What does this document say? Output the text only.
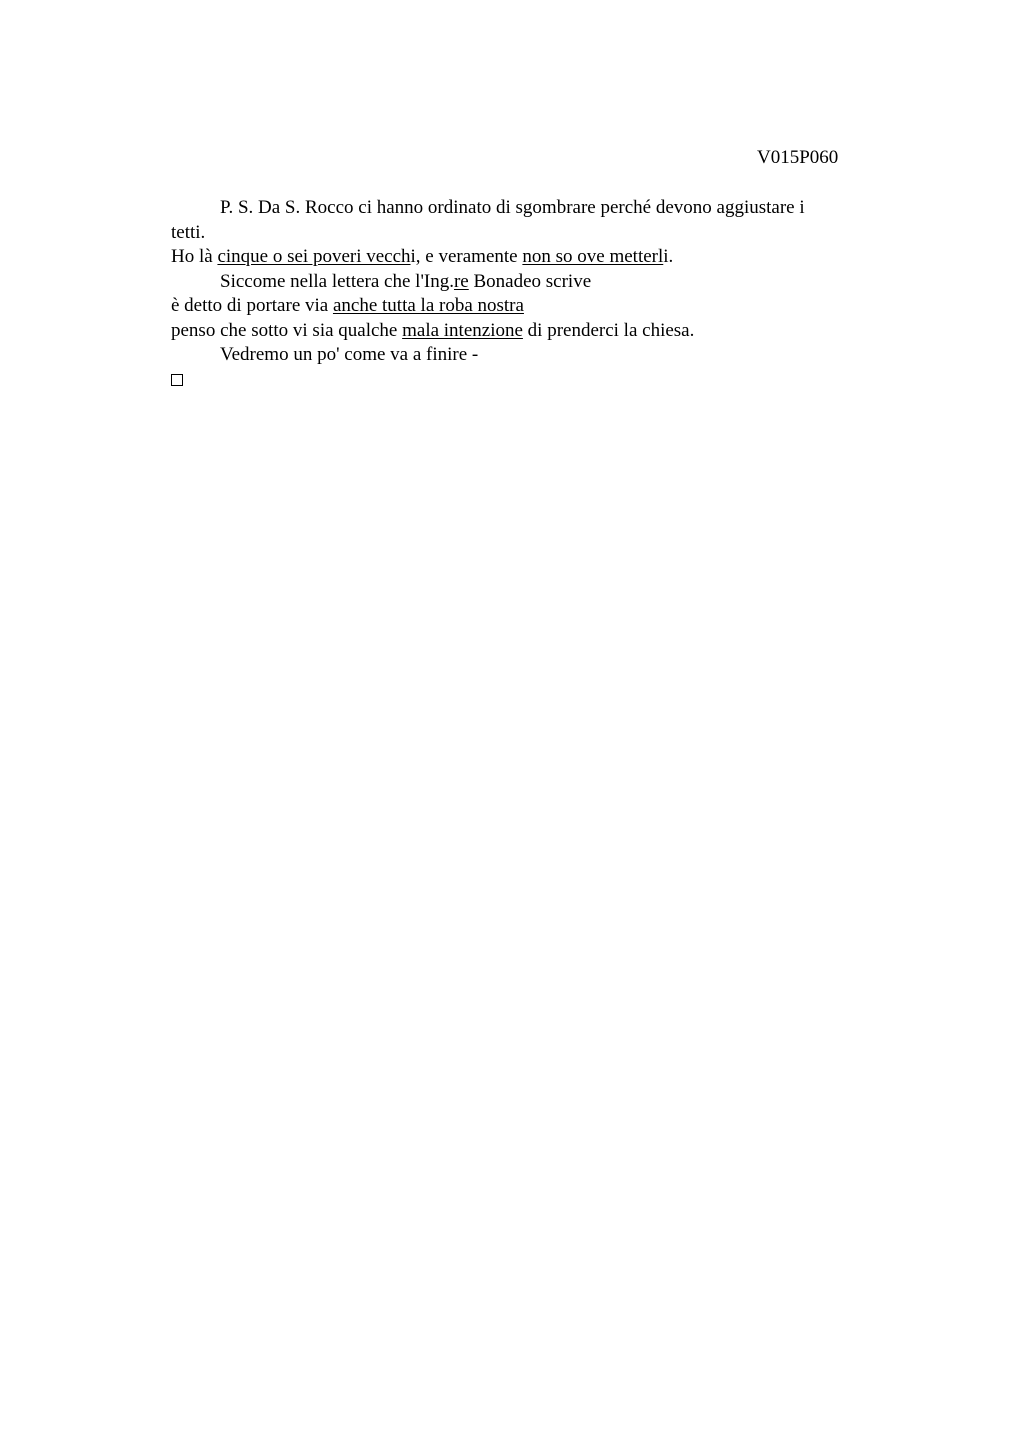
V015P060
P. S. Da S. Rocco ci hanno ordinato di sgombrare perché devono aggiustare i
tetti.
Ho là cinque o sei poveri vecchi, e veramente non so ove metterli.
Siccome nella lettera che l'Ing.re Bonadeo scrive
è detto di portare via anche tutta la roba nostra
penso che sotto vi sia qualche mala intenzione di prenderci la chiesa.
Vedremo un po' come va a finire -
